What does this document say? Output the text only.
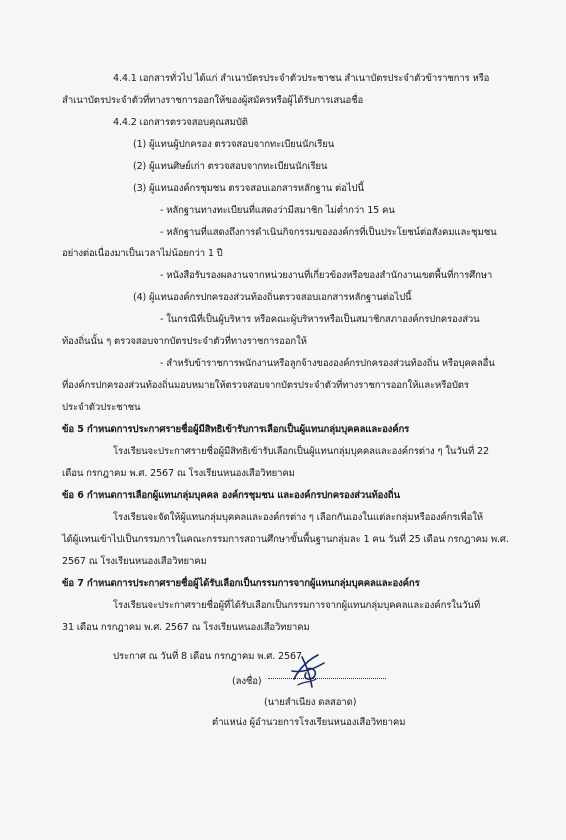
4.4.1 เอกสารทั่วไป ได้แก่ สำเนาบัตรประจำตัวประชาชน สำเนาบัตรประจำตัวข้าราชการ หรือ
สำเนาบัตรประจำตัวที่ทางราชการออกให้ของผู้สมัครหรือผู้ได้รับการเสนอชื่อ
4.4.2 เอกสารตรวจสอบคุณสมบัติ
(1) ผู้แทนผู้ปกครอง ตรวจสอบจากทะเบียนนักเรียน
(2) ผู้แทนศิษย์เก่า ตรวจสอบจากทะเบียนนักเรียน
(3) ผู้แทนองค์กรชุมชน ตรวจสอบเอกสารหลักฐาน ต่อไปนี้
- หลักฐานทางทะเบียนที่แสดงว่ามีสมาชิก ไม่ต่ำกว่า 15 คน
- หลักฐานที่แสดงถึงการดำเนินกิจกรรมขององค์กรที่เป็นประโยชน์ต่อสังคมและชุมชน
อย่างต่อเนื่องมาเป็นเวลาไม่น้อยกว่า 1 ปี
- หนังสือรับรองผลงานจากหน่วยงานที่เกี่ยวข้องหรือของสำนักงานเขตพื้นที่การศึกษา
(4) ผู้แทนองค์กรปกครองส่วนท้องถิ่นตรวจสอบเอกสารหลักฐานต่อไปนี้
- ในกรณีที่เป็นผู้บริหาร หรือคณะผู้บริหารหรือเป็นสมาชิกสภาองค์กรปกครองส่วน
ท้องถิ่นนั้น ๆ ตรวจสอบจากบัตรประจำตัวที่ทางราชการออกให้
- สำหรับข้าราชการพนักงานหรือลูกจ้างขององค์กรปกครองส่วนท้องถิ่น หรือบุคคลอื่น
ที่องค์กรปกครองส่วนท้องถิ่นมอบหมายให้ตรวจสอบจากบัตรประจำตัวที่ทางราชการออกให้และหรือบัตร
ประจำตัวประชาชน
ข้อ 5 กำหนดการประกาศรายชื่อผู้มีสิทธิเข้ารับการเลือกเป็นผู้แทนกลุ่มบุคคลและองค์กร
โรงเรียนจะประกาศรายชื่อผู้มีสิทธิเข้ารับเลือกเป็นผู้แทนกลุ่มบุคคลและองค์กรต่าง ๆ ในวันที่ 22
เดือน กรกฎาคม พ.ศ. 2567 ณ โรงเรียนหนองเสือวิทยาคม
ข้อ 6 กำหนดการเลือกผู้แทนกลุ่มบุคคล องค์กรชุมชน และองค์กรปกครองส่วนท้องถิ่น
โรงเรียนจะจัดให้ผู้แทนกลุ่มบุคคลและองค์กรต่าง ๆ เลือกกันเองในแต่ละกลุ่มหรือองค์กรเพื่อให้
ได้ผู้แทนเข้าไปเป็นกรรมการในคณะกรรมการสถานศึกษาขั้นพื้นฐานกลุ่มละ 1 คน วันที่ 25 เดือน กรกฎาคม พ.ศ.
2567 ณ โรงเรียนหนองเสือวิทยาคม
ข้อ 7 กำหนดการประกาศรายชื่อผู้ได้รับเลือกเป็นกรรมการจากผู้แทนกลุ่มบุคคลและองค์กร
โรงเรียนจะประกาศรายชื่อผู้ที่ได้รับเลือกเป็นกรรมการจากผู้แทนกลุ่มบุคคลและองค์กรในวันที่
31 เดือน กรกฎาคม พ.ศ. 2567 ณ โรงเรียนหนองเสือวิทยาคม
ประกาศ ณ วันที่ 8 เดือน กรกฎาคม พ.ศ. 2567
(ลงชื่อ)
(นายสำเนียง ดลสอาด)
ตำแหน่ง ผู้อำนวยการโรงเรียนหนองเสือวิทยาคม
